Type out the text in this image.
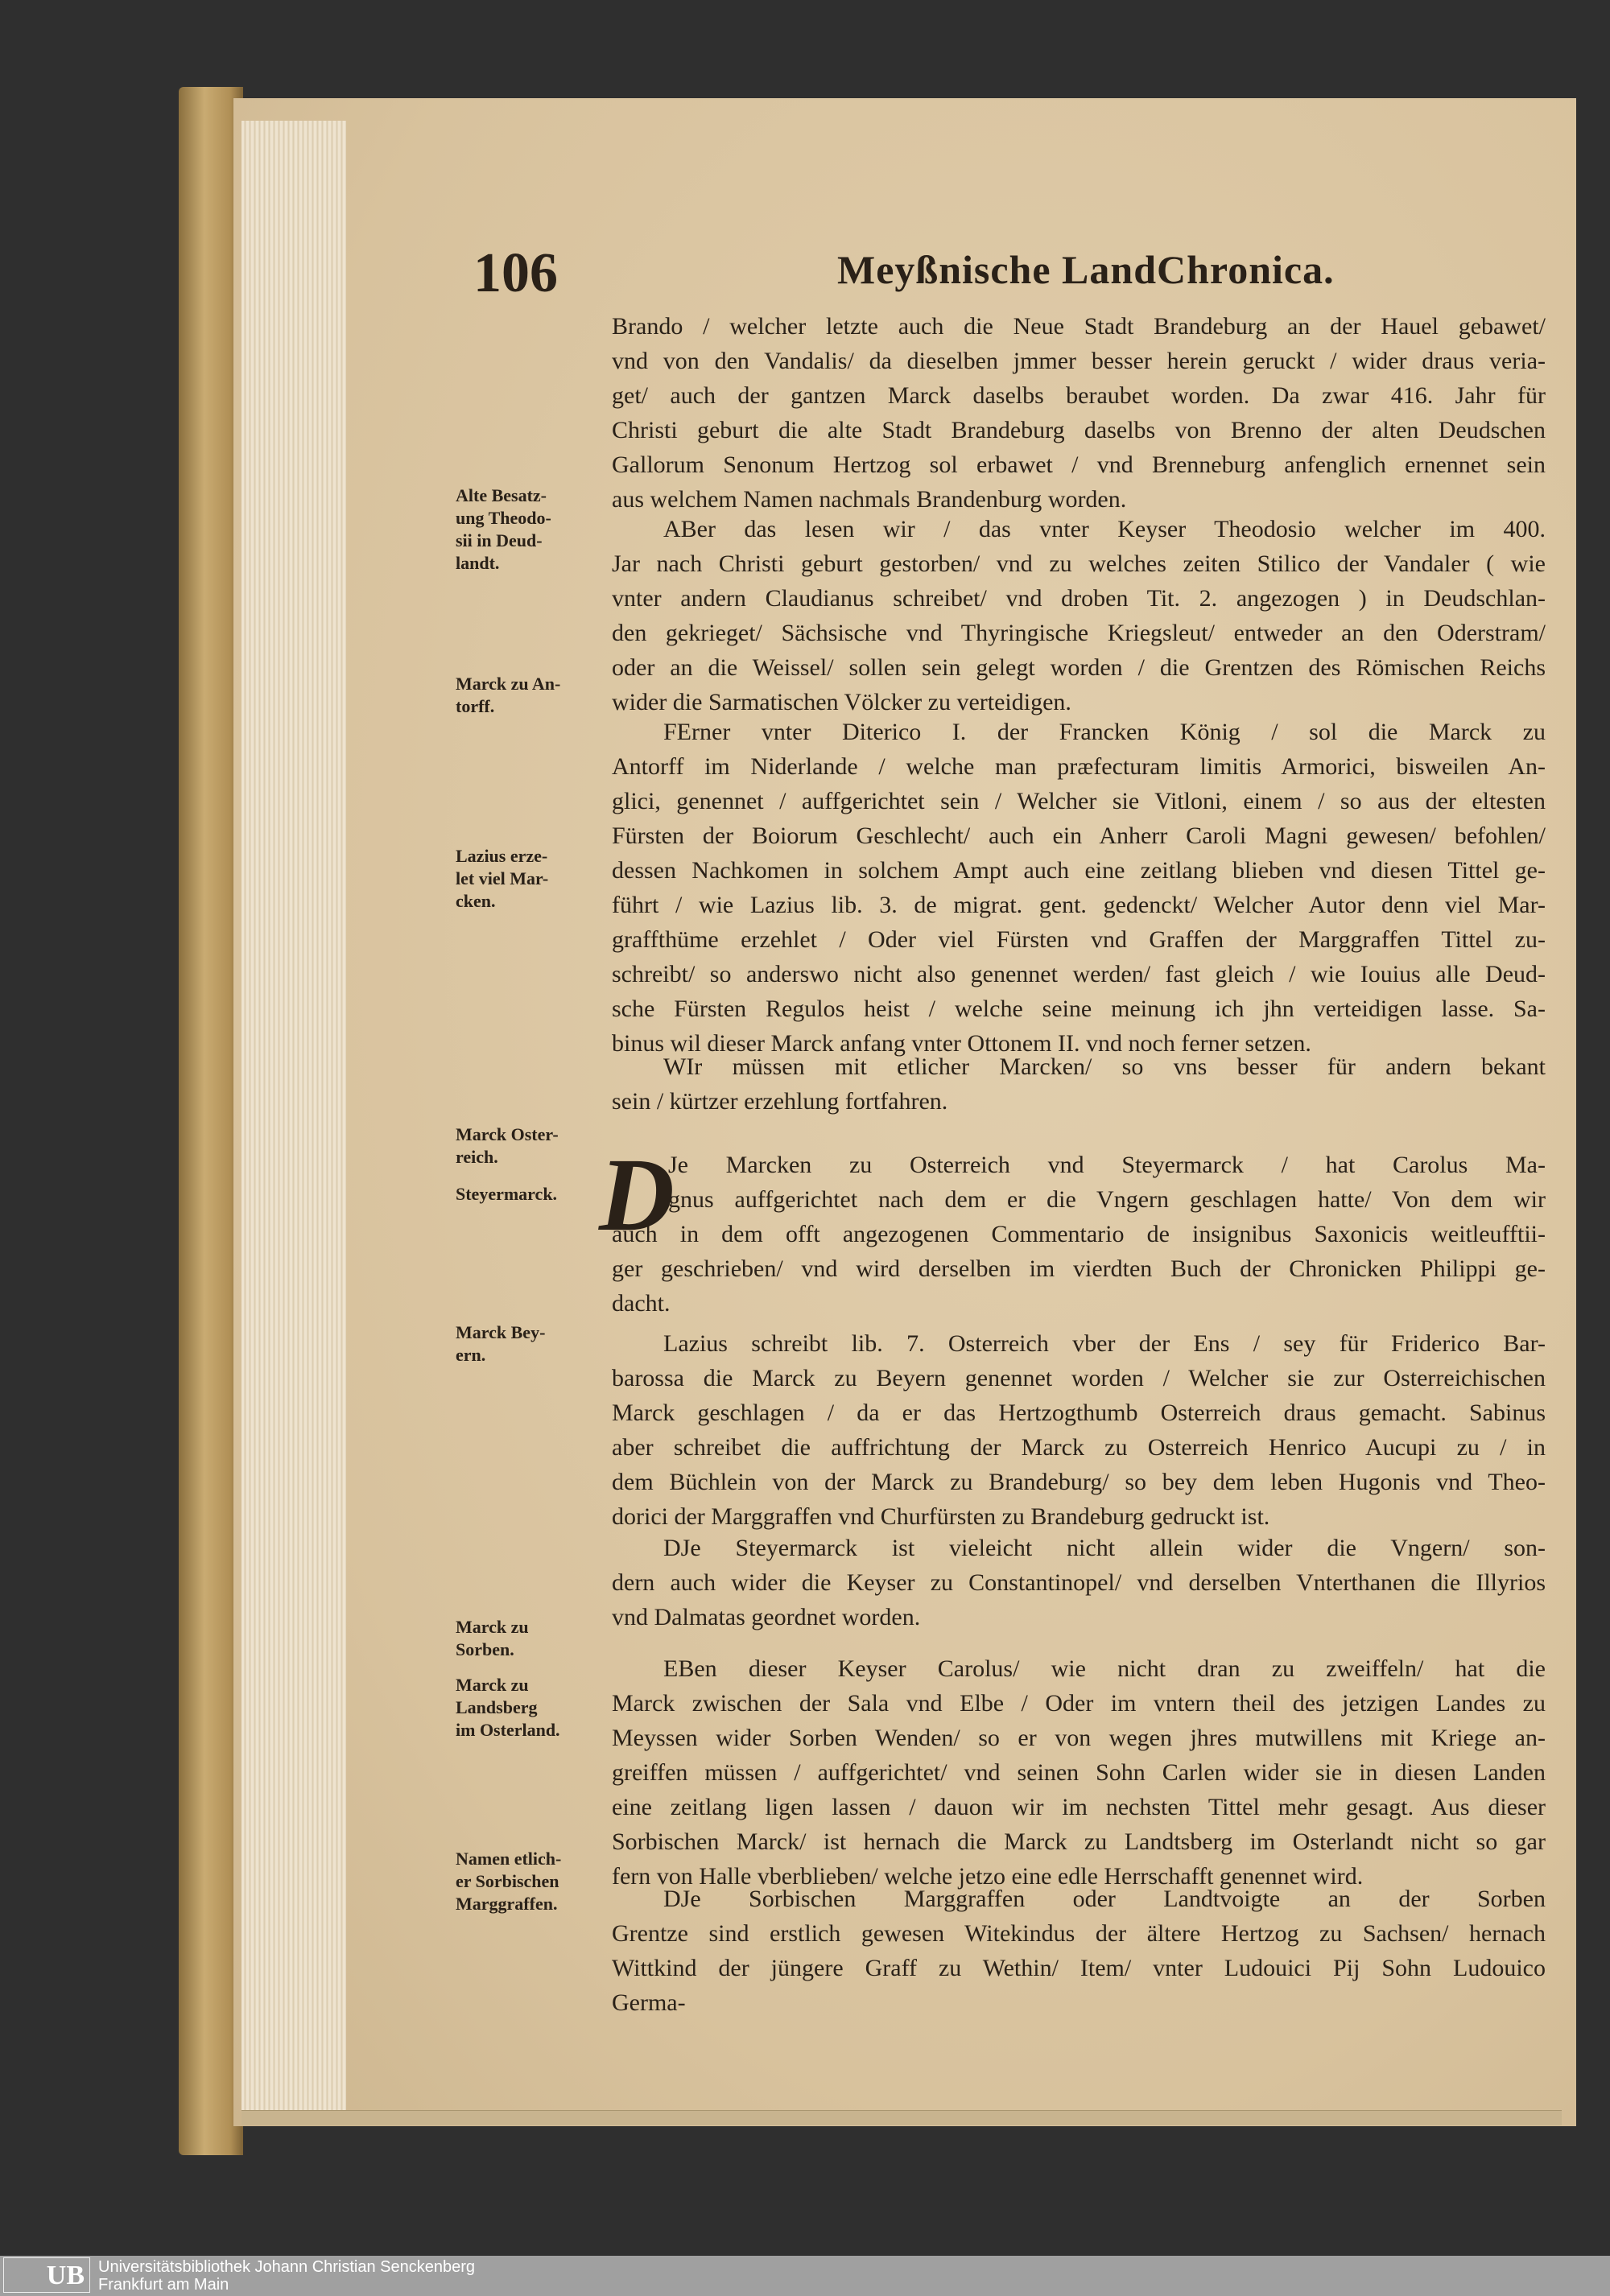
106	Meyßnische LandChronica.
D
Brando / welcher letzte auch die Neue Stadt Brandeburg an der Hauel gebawet/
vnd von den Vandalis/ da dieselben jmmer besser herein geruckt / wider draus veria-
get/ auch der gantzen Marck daselbs beraubet worden. Da zwar 416. Jahr für
Christi geburt die alte Stadt Brandeburg daselbs von Brenno der alten Deudschen
Gallorum Senonum Hertzog sol erbawet / vnd Brenneburg anfenglich ernennet sein
aus welchem Namen nachmals Brandenburg worden.
ABer das lesen wir / das vnter Keyser Theodosio welcher im 400.
Jar nach Christi geburt gestorben/ vnd zu welches zeiten Stilico der Vandaler ( wie
vnter andern Claudianus schreibet/ vnd droben Tit. 2. angezogen ) in Deudschlan-
den gekrieget/ Sächsische vnd Thyringische Kriegsleut/ entweder an den Oderstram/
oder an die Weissel/ sollen sein gelegt worden / die Grentzen des Römischen Reichs
wider die Sarmatischen Völcker zu verteidigen.
FErner vnter Diterico I. der Francken König / sol die Marck zu
Antorff im Niderlande / welche man præfecturam limitis Armorici, bisweilen An-
glici, genennet / auffgerichtet sein / Welcher sie Vitloni, einem / so aus der eltesten
Fürsten der Boiorum Geschlecht/ auch ein Anherr Caroli Magni gewesen/ befohlen/
dessen Nachkomen in solchem Ampt auch eine zeitlang blieben vnd diesen Tittel ge-
führt / wie Lazius lib. 3. de migrat. gent. gedenckt/ Welcher Autor denn viel Mar-
graffthüme erzehlet / Oder viel Fürsten vnd Graffen der Marggraffen Tittel zu-
schreibt/ so anderswo nicht also genennet werden/ fast gleich / wie Iouius alle Deud-
sche Fürsten Regulos heist / welche seine meinung ich jhn verteidigen lasse. Sa-
binus wil dieser Marck anfang vnter Ottonem II. vnd noch ferner setzen.
WIr müssen mit etlicher Marcken/ so vns besser für andern bekant
sein / kürtzer erzehlung fortfahren.
Je Marcken zu Osterreich vnd Steyermarck / hat Carolus Ma-
gnus auffgerichtet nach dem er die Vngern geschlagen hatte/ Von dem wir
auch in dem offt angezogenen Commentario de insignibus Saxonicis weitleufftii-
ger geschrieben/ vnd wird derselben im vierdten Buch der Chronicken Philippi ge-
dacht.
Lazius schreibt lib. 7. Osterreich vber der Ens / sey für Friderico Bar-
barossa die Marck zu Beyern genennet worden / Welcher sie zur Osterreichischen
Marck geschlagen / da er das Hertzogthumb Osterreich draus gemacht. Sabinus
aber schreibet die auffrichtung der Marck zu Osterreich Henrico Aucupi zu / in
dem Büchlein von der Marck zu Brandeburg/ so bey dem leben Hugonis vnd Theo-
dorici der Marggraffen vnd Churfürsten zu Brandeburg gedruckt ist.
DJe Steyermarck ist vieleicht nicht allein wider die Vngern/ son-
dern auch wider die Keyser zu Constantinopel/ vnd derselben Vnterthanen die Illyrios
vnd Dalmatas geordnet worden.
EBen dieser Keyser Carolus/ wie nicht dran zu zweiffeln/ hat die
Marck zwischen der Sala vnd Elbe / Oder im vntern theil des jetzigen Landes zu
Meyssen wider Sorben Wenden/ so er von wegen jhres mutwillens mit Kriege an-
greiffen müssen / auffgerichtet/ vnd seinen Sohn Carlen wider sie in diesen Landen
eine zeitlang ligen lassen / dauon wir im nechsten Tittel mehr gesagt. Aus dieser
Sorbischen Marck/ ist hernach die Marck zu Landtsberg im Osterlandt nicht so gar
fern von Halle vberblieben/ welche jetzo eine edle Herrschafft genennet wird.
DJe Sorbischen Marggraffen oder Landtvoigte an der Sorben
Grentze sind erstlich gewesen Witekindus der ältere Hertzog zu Sachsen/ hernach
Wittkind der jüngere Graff zu Wethin/ Item/ vnter Ludouici Pij Sohn Ludouico
Germa-
Alte Besatz-
ung Theodo-
sii in Deud-
landt.
Marck zu An-
torff.
Lazius erze-
let viel Mar-
cken.
Marck Oster-
reich.
Steyermarck.
Marck Bey-
ern.
Marck zu
Sorben.
Marck zu
Landsberg
im Osterland.
Namen etlich-
er Sorbischen
Marggraffen.
UB Universitätsbibliothek Johann Christian Senckenberg
Frankfurt am Main
